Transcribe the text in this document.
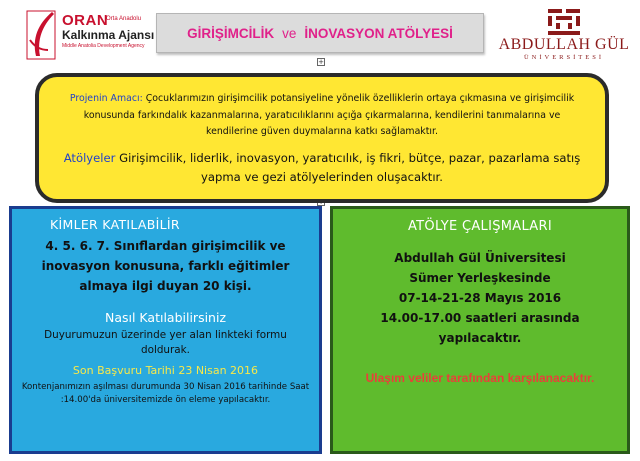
ORAN
Orta Anadolu
Kalkınma Ajansı
Middle Anatolia Development Agency
GİRİŞİMCİLİK ve İNOVASYON ATÖLYESİ
ABDULLAH GÜL
ÜNİVERSİTESİ
+

Projenin Amacı: Çocuklarımızın girişimcilik potansiyeline yönelik özelliklerin ortaya çıkmasına ve girişimcilik konusunda farkındalık kazanmalarına, yaratıcılıklarını açığa çıkarmalarına, kendilerini tanımalarına ve kendilerine güven duymalarına katkı sağlamaktır.

Atölyeler Girişimcilik, liderlik, inovasyon, yaratıcılık, iş fikri, bütçe, pazar, pazarlama satış yapma ve gezi atölyelerinden oluşacaktır.

KİMLER KATILABİLİR
4. 5. 6. 7. Sınıflardan girişimcilik ve inovasyon konusuna, farklı eğitimler almaya ilgi duyan 20 kişi.
Nasıl Katılabilirsiniz
Duyurumuzun üzerinde yer alan linkteki formu doldurak.
Son Başvuru Tarihi 23 Nisan 2016
Kontenjanımızın aşılması durumunda 30 Nisan 2016 tarihinde Saat :14.00'da üniversitemizde ön eleme yapılacaktır.
ATÖLYE ÇALIŞMALARI
Abdullah Gül Üniversitesi
Sümer Yerleşkesinde
07-14-21-28 Mayıs 2016
14.00-17.00 saatleri arasında
yapılacaktır.
Ulaşım veliler tarafından karşılanacaktır.
